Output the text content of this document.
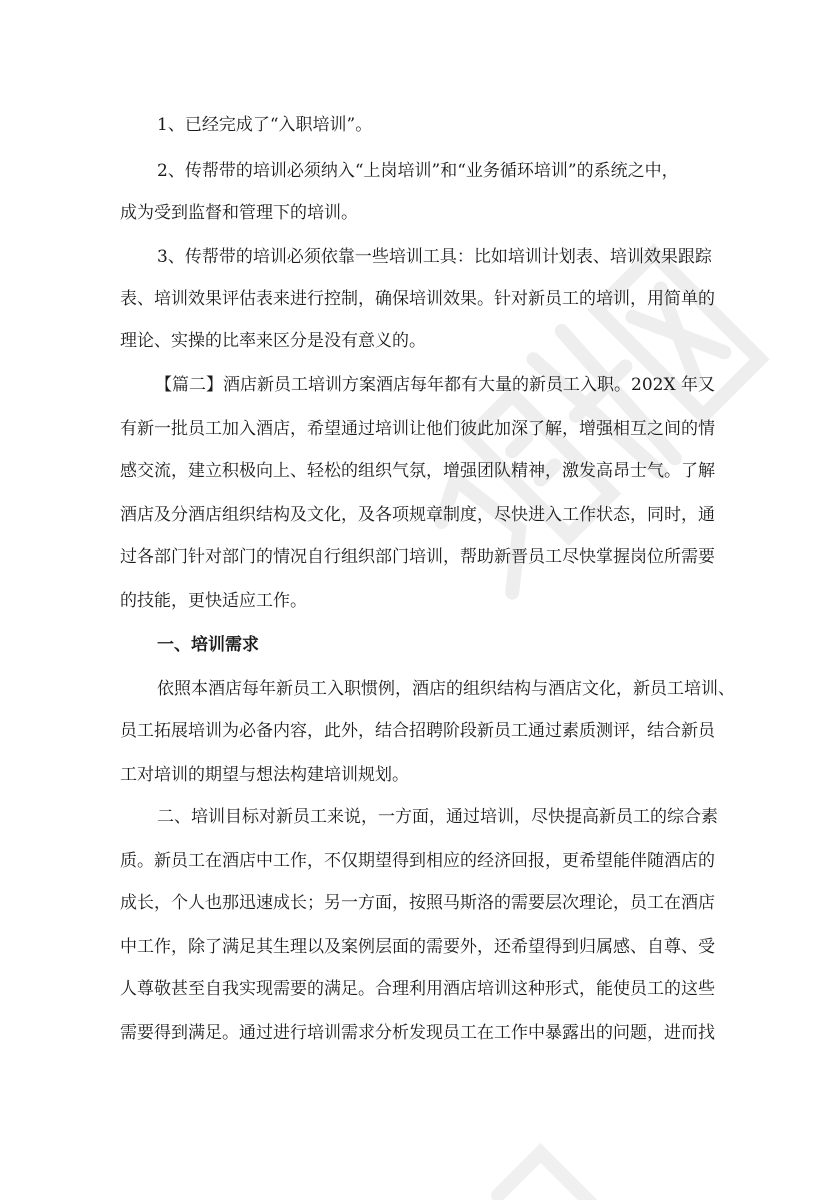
1、已经完成了“入职培训”。
2、传帮带的培训必须纳入“上岗培训”和“业务循环培训”的系统之中，
成为受到监督和管理下的培训。
3、传帮带的培训必须依靠一些培训工具：比如培训计划表、培训效果跟踪
表、培训效果评估表来进行控制，确保培训效果。针对新员工的培训，用简单的
理论、实操的比率来区分是没有意义的。
【篇二】酒店新员工培训方案酒店每年都有大量的新员工入职。202X 年又
有新一批员工加入酒店，希望通过培训让他们彼此加深了解，增强相互之间的情
感交流，建立积极向上、轻松的组织气氛，增强团队精神，激发高昂士气。了解
酒店及分酒店组织结构及文化，及各项规章制度，尽快进入工作状态，同时，通
过各部门针对部门的情况自行组织部门培训，帮助新晋员工尽快掌握岗位所需要
的技能，更快适应工作。
一、培训需求
依照本酒店每年新员工入职惯例，酒店的组织结构与酒店文化，新员工培训、
员工拓展培训为必备内容，此外，结合招聘阶段新员工通过素质测评，结合新员
工对培训的期望与想法构建培训规划。
二、培训目标对新员工来说，一方面，通过培训，尽快提高新员工的综合素
质。新员工在酒店中工作，不仅期望得到相应的经济回报，更希望能伴随酒店的
成长，个人也那迅速成长；另一方面，按照马斯洛的需要层次理论，员工在酒店
中工作，除了满足其生理以及案例层面的需要外，还希望得到归属感、自尊、受
人尊敬甚至自我实现需要的满足。合理利用酒店培训这种形式，能使员工的这些
需要得到满足。通过进行培训需求分析发现员工在工作中暴露出的问题，进而找
